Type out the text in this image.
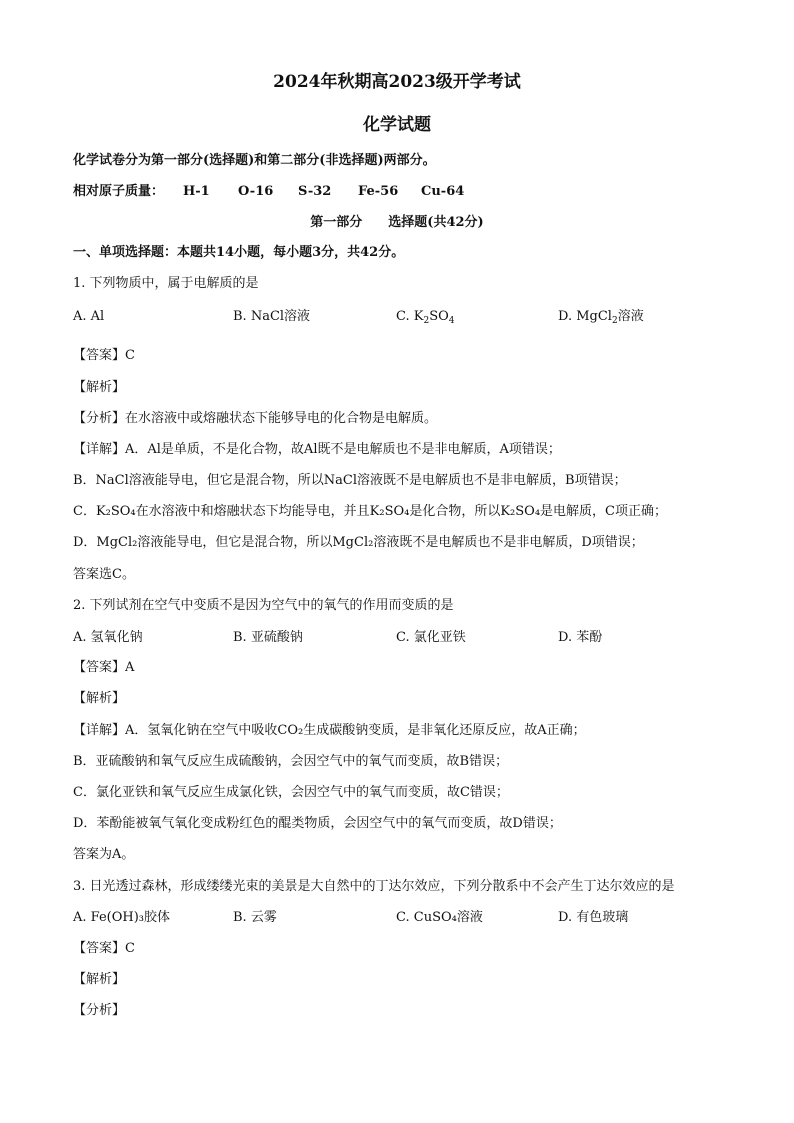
2024年秋期高2023级开学考试
化学试题
化学试卷分为第一部分(选择题)和第二部分(非选择题)两部分。
相对原子质量： H-1 O-16 S-32 Fe-56 Cu-64
第一部分　　选择题(共42分)
一、单项选择题：本题共14小题，每小题3分，共42分。
1. 下列物质中，属于电解质的是
A. Al	B. NaCl溶液	C. $K_2SO_4$	D. MgCl$_2$溶液
【答案】C
【解析】
【分析】在水溶液中或熔融状态下能够导电的化合物是电解质。
【详解】A．Al是单质，不是化合物，故Al既不是电解质也不是非电解质，A项错误；
B．NaCl溶液能导电，但它是混合物，所以NaCl溶液既不是电解质也不是非电解质，B项错误；
C．K₂SO₄在水溶液中和熔融状态下均能导电，并且K₂SO₄是化合物，所以K₂SO₄是电解质，C项正确；
D．MgCl₂溶液能导电，但它是混合物，所以MgCl₂溶液既不是电解质也不是非电解质，D项错误；
答案选C。
2. 下列试剂在空气中变质不是因为空气中的氧气的作用而变质的是
A. 氢氧化钠	B. 亚硫酸钠	C. 氯化亚铁	D. 苯酚
【答案】A
【解析】
【详解】A．氢氧化钠在空气中吸收CO₂生成碳酸钠变质，是非氧化还原反应，故A正确；
B．亚硫酸钠和氧气反应生成硫酸钠，会因空气中的氧气而变质，故B错误；
C．氯化亚铁和氧气反应生成氯化铁，会因空气中的氧气而变质，故C错误；
D．苯酚能被氧气氧化变成粉红色的醌类物质，会因空气中的氧气而变质，故D错误；
答案为A。
3. 日光透过森林，形成缕缕光束的美景是大自然中的丁达尔效应，下列分散系中不会产生丁达尔效应的是
A. Fe(OH)₃胶体	B. 云雾	C. CuSO₄溶液	D. 有色玻璃
【答案】C
【解析】
【分析】
